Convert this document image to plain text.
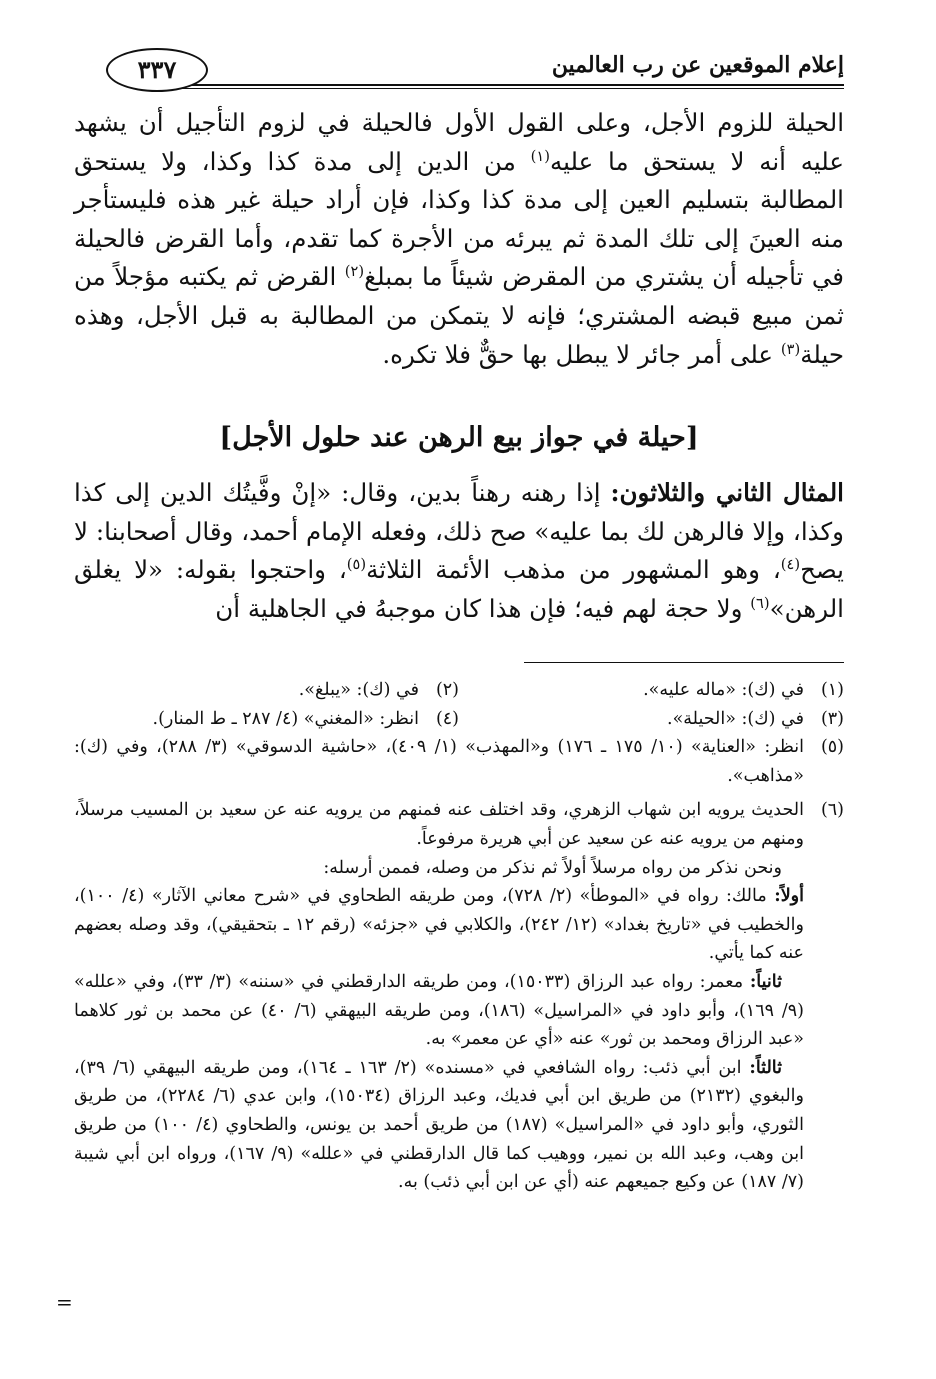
إعلام الموقعين عن رب العالمين
٣٣٧

الحيلة للزوم الأجل، وعلى القول الأول فالحيلة في لزوم التأجيل أن يشهد عليه أنه لا يستحق ما عليه$^{(١)}$ من الدين إلى مدة كذا وكذا، ولا يستحق المطالبة بتسليم العين إلى مدة كذا وكذا، فإن أراد حيلة غير هذه فليستأجر منه العينَ إلى تلك المدة ثم يبرئه من الأجرة كما تقدم، وأما القرض فالحيلة في تأجيله أن يشتري من المقرض شيئاً ما بمبلغ$^{(٢)}$ القرض ثم يكتبه مؤجلاً من ثمن مبيع قبضه المشتري؛ فإنه لا يتمكن من المطالبة به قبل الأجل، وهذه حيلة$^{(٣)}$ على أمر جائر لا يبطل بها حقٌّ فلا تكره.

[حيلة في جواز بيع الرهن عند حلول الأجل]

المثال الثاني والثلاثون: إذا رهنه رهناً بدين، وقال: «إنْ وفَّيتُك الدين إلى كذا وكذا، وإلا فالرهن لك بما عليه» صح ذلك، وفعله الإمام أحمد، وقال أصحابنا: لا يصح$^{(٤)}$، وهو المشهور من مذهب الأئمة الثلاثة$^{(٥)}$، واحتجوا بقوله: «لا يغلق الرهن»$^{(٦)}$ ولا حجة لهم فيه؛ فإن هذا كان موجبهُ في الجاهلية أن

(١)
في (ك): «ماله عليه».
(٢)
في (ك): «يبلغ».
(٣)
في (ك): «الحيلة».
(٤)
انظر: «المغني» (٤/ ٢٨٧ ـ ط المنار).
(٥)
انظر: «العناية» (١٠/ ١٧٥ ـ ١٧٦) و«المهذب» (١/ ٤٠٩)، «حاشية الدسوقي» (٣/ ٢٨٨)، وفي (ك): «مذاهب».
(٦)

الحديث يرويه ابن شهاب الزهري، وقد اختلف عنه فمنهم من يرويه عنه عن سعيد بن المسيب مرسلاً، ومنهم من يرويه عنه عن سعيد عن أبي هريرة مرفوعاً.

ونحن نذكر من رواه مرسلاً أولاً ثم نذكر من وصله، فممن أرسله:

أولاً: مالك: رواه في «الموطأ» (٢/ ٧٢٨)، ومن طريقه الطحاوي في «شرح معاني الآثار» (٤/ ١٠٠)، والخطيب في «تاريخ بغداد» (١٢/ ٢٤٢)، والكلابي في «جزئه» (رقم ١٢ ـ بتحقيقي)، وقد وصله بعضهم عنه كما يأتي.

ثانياً: معمر: رواه عبد الرزاق (١٥٠٣٣)، ومن طريقه الدارقطني في «سننه» (٣/ ٣٣)، وفي «علله» (٩/ ١٦٩)، وأبو داود في «المراسيل» (١٨٦)، ومن طريقه البيهقي (٦/ ٤٠) عن محمد بن ثور كلاهما «عبد الرزاق ومحمد بن ثور» عنه «أي عن معمر» به.

ثالثاً: ابن أبي ذئب: رواه الشافعي في «مسنده» (٢/ ١٦٣ ـ ١٦٤)، ومن طريقه البيهقي (٦/ ٣٩)، والبغوي (٢١٣٢) من طريق ابن أبي فديك، وعبد الرزاق (١٥٠٣٤)، وابن عدي (٦/ ٢٢٨٤)، من طريق الثوري، وأبو داود في «المراسيل» (١٨٧) من طريق أحمد بن يونس، والطحاوي (٤/ ١٠٠) من طريق ابن وهب، وعبد الله بن نمير، ووهيب كما قال الدارقطني في «علله» (٩/ ١٦٧)، ورواه ابن أبي شيبة (٧/ ١٨٧) عن وكيع جميعهم عنه (أي عن ابن أبي ذئب) به.

=
